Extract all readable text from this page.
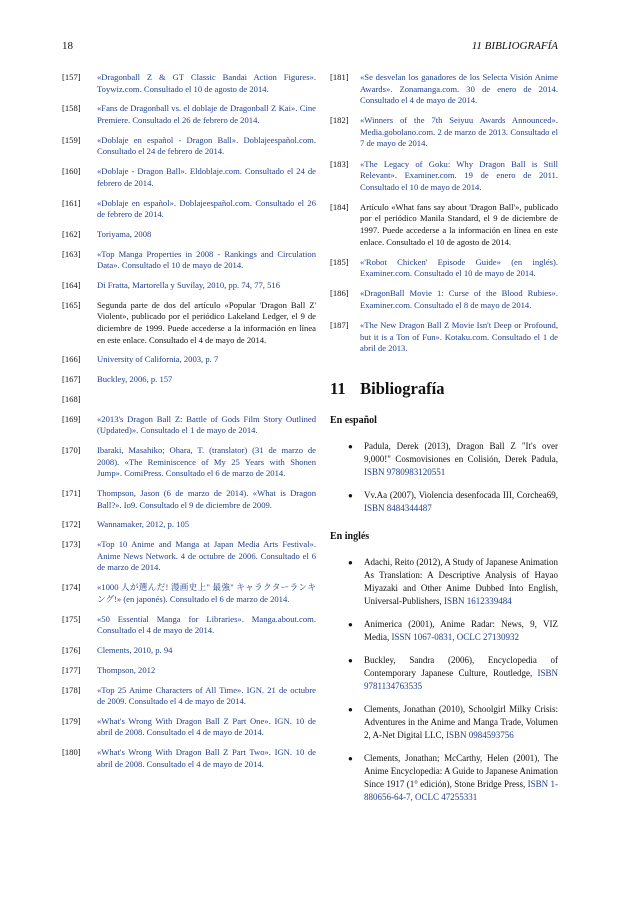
18	11 BIBLIOGRAFÍA
[157] «Dragonball Z & GT Classic Bandai Action Figures». Toywiz.com. Consultado el 10 de agosto de 2014.
[158] «Fans de Dragonball vs. el doblaje de Dragonball Z Kai». Cine Premiere. Consultado el 26 de febrero de 2014.
[159] «Doblaje en español - Dragon Ball». Doblajeespañol.com. Consultado el 24 de febrero de 2014.
[160] «Doblaje - Dragon Ball». Eldoblaje.com. Consultado el 24 de febrero de 2014.
[161] «Doblaje en español». Doblajeespañol.com. Consultado el 26 de febrero de 2014.
[162] Toriyama, 2008
[163] «Top Manga Properties in 2008 - Rankings and Circulation Data». Consultado el 10 de mayo de 2014.
[164] Di Fratta, Martorella y Suvilay, 2010, pp. 74, 77, 516
[165] Segunda parte de dos del artículo «Popular 'Dragon Ball Z' Violent», publicado por el periódico Lakeland Ledger, el 9 de diciembre de 1999. Puede accederse a la información en línea en este enlace. Consultado el 4 de mayo de 2014.
[166] University of California, 2003, p. 7
[167] Buckley, 2006, p. 157
[168]

[169] «2013's Dragon Ball Z: Battle of Gods Film Story Outlined (Updated)». Consultado el 1 de mayo de 2014.
[170] Ibaraki, Masahiko; Ohara, T. (translator) (31 de marzo de 2008). «The Reminiscence of My 25 Years with Shonen Jump». ComiPress. Consultado el 6 de marzo de 2014.
[171] Thompson, Jason (6 de marzo de 2014). «What is Dragon Ball?». Io9. Consultado el 9 de diciembre de 2009.
[172] Wannamaker, 2012, p. 105
[173] «Top 10 Anime and Manga at Japan Media Arts Festival». Anime News Network. 4 de octubre de 2006. Consultado el 6 de marzo de 2014.
[174] «1000 人が選んだ! 漫画史上" 最強" キャラクターランキング!» (en japonés). Consultado el 6 de marzo de 2014.
[175] «50 Essential Manga for Libraries». Manga.about.com. Consultado el 4 de mayo de 2014.
[176] Clements, 2010, p. 94
[177] Thompson, 2012
[178] «Top 25 Anime Characters of All Time». IGN. 21 de octubre de 2009. Consultado el 4 de mayo de 2014.
[179] «What's Wrong With Dragon Ball Z Part One». IGN. 10 de abril de 2008. Consultado el 4 de mayo de 2014.
[180] «What's Wrong With Dragon Ball Z Part Two». IGN. 10 de abril de 2008. Consultado el 4 de mayo de 2014.
[181] «Se desvelan los ganadores de los Selecta Visión Anime Awards». Zonamanga.com. 30 de enero de 2014. Consultado el 4 de mayo de 2014.
[182] «Winners of the 7th Seiyuu Awards Announced». Media.gobolano.com. 2 de marzo de 2013. Consultado el 7 de mayo de 2014.
[183] «The Legacy of Goku: Why Dragon Ball is Still Relevant». Examiner.com. 19 de enero de 2011. Consultado el 10 de mayo de 2014.
[184] Artículo «What fans say about 'Dragon Ball'», publicado por el periódico Manila Standard, el 9 de diciembre de 1997. Puede accederse a la información en línea en este enlace. Consultado el 10 de agosto de 2014.
[185] «'Robot Chicken' Episode Guide» (en inglés). Examiner.com. Consultado el 10 de mayo de 2014.
[186] «DragonBall Movie 1: Curse of the Blood Rubies». Examiner.com. Consultado el 8 de mayo de 2014.
[187] «The New Dragon Ball Z Movie Isn't Deep or Profound, but it is a Ton of Fun». Kotaku.com. Consultado el 1 de abril de 2013.
11 Bibliografía
En español
● Padula, Derek (2013), Dragon Ball Z "It's over 9,000!" Cosmovisiones en Colisión, Derek Padula, ISBN 9780983120551
● Vv.Aa (2007), Violencia desenfocada III, Corchea69, ISBN 8484344487
En inglés
● Adachi, Reito (2012), A Study of Japanese Animation As Translation: A Descriptive Analysis of Hayao Miyazaki and Other Anime Dubbed Into English, Universal-Publishers, ISBN 1612339484
● Animerica (2001), Anime Radar: News, 9, VIZ Media, ISSN 1067-0831, OCLC 27130932
● Buckley, Sandra (2006), Encyclopedia of Contemporary Japanese Culture, Routledge, ISBN 9781134763535
● Clements, Jonathan (2010), Schoolgirl Milky Crisis: Adventures in the Anime and Manga Trade, Volumen 2, A-Net Digital LLC, ISBN 0984593756
● Clements, Jonathan; McCarthy, Helen (2001), The Anime Encyclopedia: A Guide to Japanese Animation Since 1917 (1° edición), Stone Bridge Press, ISBN 1-880656-64-7, OCLC 47255331
